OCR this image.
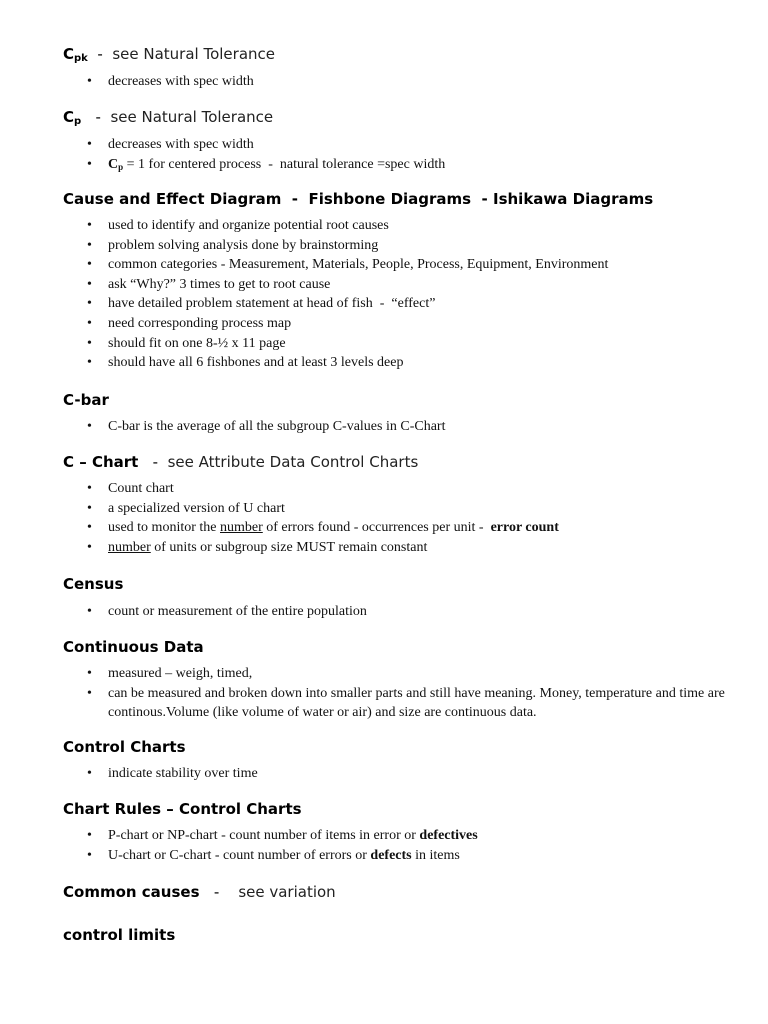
Cpk  -  see Natural Tolerance
• decreases with spec width
Cp   -  see Natural Tolerance
• decreases with spec width
• Cp = 1 for centered process  -  natural tolerance =spec width
Cause and Effect Diagram  -  Fishbone Diagrams  - Ishikawa Diagrams
• used to identify and organize potential root causes
• problem solving analysis done by brainstorming
• common categories - Measurement, Materials, People, Process, Equipment, Environment
• ask “Why?” 3 times to get to root cause
• have detailed problem statement at head of fish  -  “effect”
• need corresponding process map
• should fit on one 8-½ x 11 page
• should have all 6 fishbones and at least 3 levels deep
C-bar
• C-bar is the average of all the subgroup C-values in C-Chart
C – Chart   -  see Attribute Data Control Charts
• Count chart
• a specialized version of U chart
• used to monitor the number of errors found - occurrences per unit -  error count
• number of units or subgroup size MUST remain constant
Census
• count or measurement of the entire population
Continuous Data
• measured – weigh, timed,
• can be measured and broken down into smaller parts and still have meaning. Money, temperature and time are continous.Volume (like volume of water or air) and size are continuous data.
Control Charts
• indicate stability over time
Chart Rules – Control Charts
• P-chart or NP-chart - count number of items in error or defectives
• U-chart or C-chart - count number of errors or defects in items
Common causes   -    see variation
control limits
